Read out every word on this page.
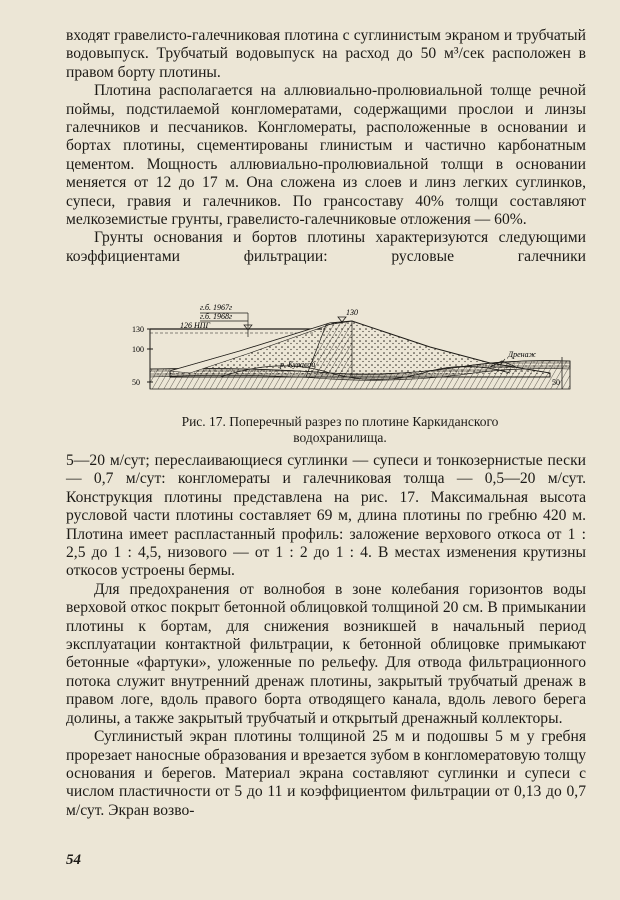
входят гравелисто-галечниковая плотина с суглинистым экраном и трубчатый водовыпуск. Трубчатый водовыпуск на расход до 50 м³/сек расположен в правом борту плотины.

Плотина располагается на аллювиально-пролювиальной толще речной поймы, подстилаемой конгломератами, содержащими прослои и линзы галечников и песчаников. Конгломераты, расположенные в основании и бортах плотины, сцементированы глинистым и частично карбонатным цементом. Мощность аллювиально-пролювиальной толщи в основании меняется от 12 до 17 м. Она сложена из слоев и линз легких суглинков, супеси, гравия и галечников. По грансоставу 40% толщи составляют мелкоземистые грунты, гравелисто-галечниковые отложения — 60%.

Грунты основания и бортов плотины характеризуются следующими коэффициентами фильтрации: русловые галечники

130
100
50
г.б. 1967г
г.б. 1968г
126 НПГ
130
р. Кувасай
Дренаж
50
Рис. 17. Поперечный разрез по плотине Каркиданского
водохранилища.

5—20 м/сут; переслаивающиеся суглинки — супеси и тонкозернистые пески — 0,7 м/сут: конгломераты и галечниковая толща — 0,5—20 м/сут. Конструкция плотины представлена на рис. 17. Максимальная высота русловой части плотины составляет 69 м, длина плотины по гребню 420 м. Плотина имеет распластанный профиль: заложение верхового откоса от 1 : 2,5 до 1 : 4,5, низового — от 1 : 2 до 1 : 4. В местах изменения крутизны откосов устроены бермы.

Для предохранения от волнобоя в зоне колебания горизонтов воды верховой откос покрыт бетонной облицовкой толщиной 20 см. В примыкании плотины к бортам, для снижения возникшей в начальный период эксплуатации контактной фильтрации, к бетонной облицовке примыкают бетонные «фартуки», уложенные по рельефу. Для отвода фильтрационного потока служит внутренний дренаж плотины, закрытый трубчатый дренаж в правом логе, вдоль правого борта отводящего канала, вдоль левого берега долины, а также закрытый трубчатый и открытый дренажный коллекторы.

Суглинистый экран плотины толщиной 25 м и подошвы 5 м у гребня прорезает наносные образования и врезается зубом в конгломератовую толщу основания и берегов. Материал экрана составляют суглинки и супеси с числом пластичности от 5 до 11 и коэффициентом фильтрации от 0,13 до 0,7 м/сут. Экран возво-

54
